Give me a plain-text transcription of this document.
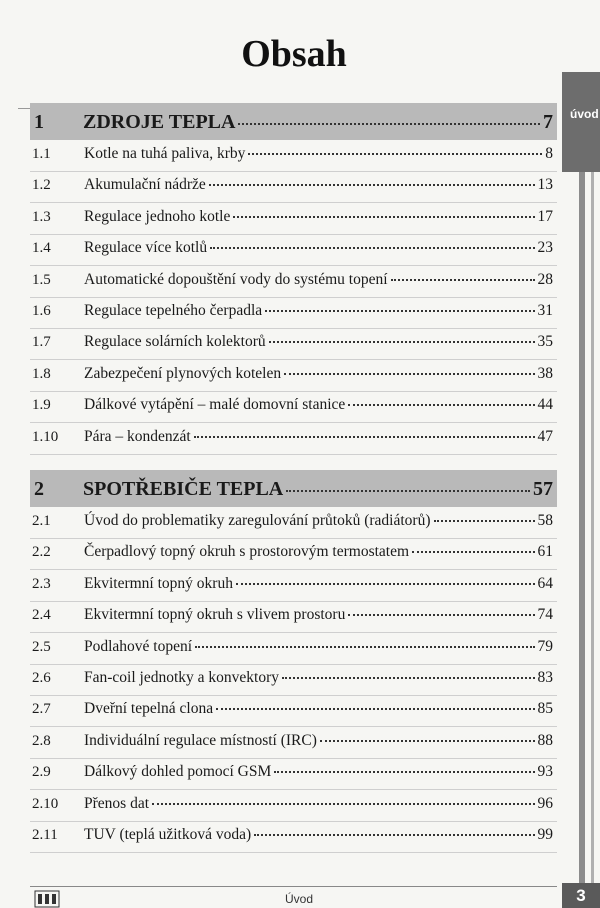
Obsah
úvod
1 ZDROJE TEPLA	7
1.1 Kotle na tuhá paliva, krby	8
1.2 Akumulační nádrže	13
1.3 Regulace jednoho kotle	17
1.4 Regulace více kotlů	23
1.5 Automatické dopouštění vody do systému topení	28
1.6 Regulace tepelného čerpadla	31
1.7 Regulace solárních kolektorů	35
1.8 Zabezpečení plynových kotelen	38
1.9 Dálkové vytápění – malé domovní stanice	44
1.10 Pára – kondenzát	47
2 SPOTŘEBIČE TEPLA	57
2.1 Úvod do problematiky zaregulování průtoků (radiátorů)	58
2.2 Čerpadlový topný okruh s prostorovým termostatem	61
2.3 Ekvitermní topný okruh	64
2.4 Ekvitermní topný okruh s vlivem prostoru	74
2.5 Podlahové topení	79
2.6 Fan-coil jednotky a konvektory	83
2.7 Dveřní tepelná clona	85
2.8 Individuální regulace místností (IRC)	88
2.9 Dálkový dohled pomocí GSM	93
2.10 Přenos dat	96
2.11 TUV (teplá užitková voda)	99
Úvod	3
